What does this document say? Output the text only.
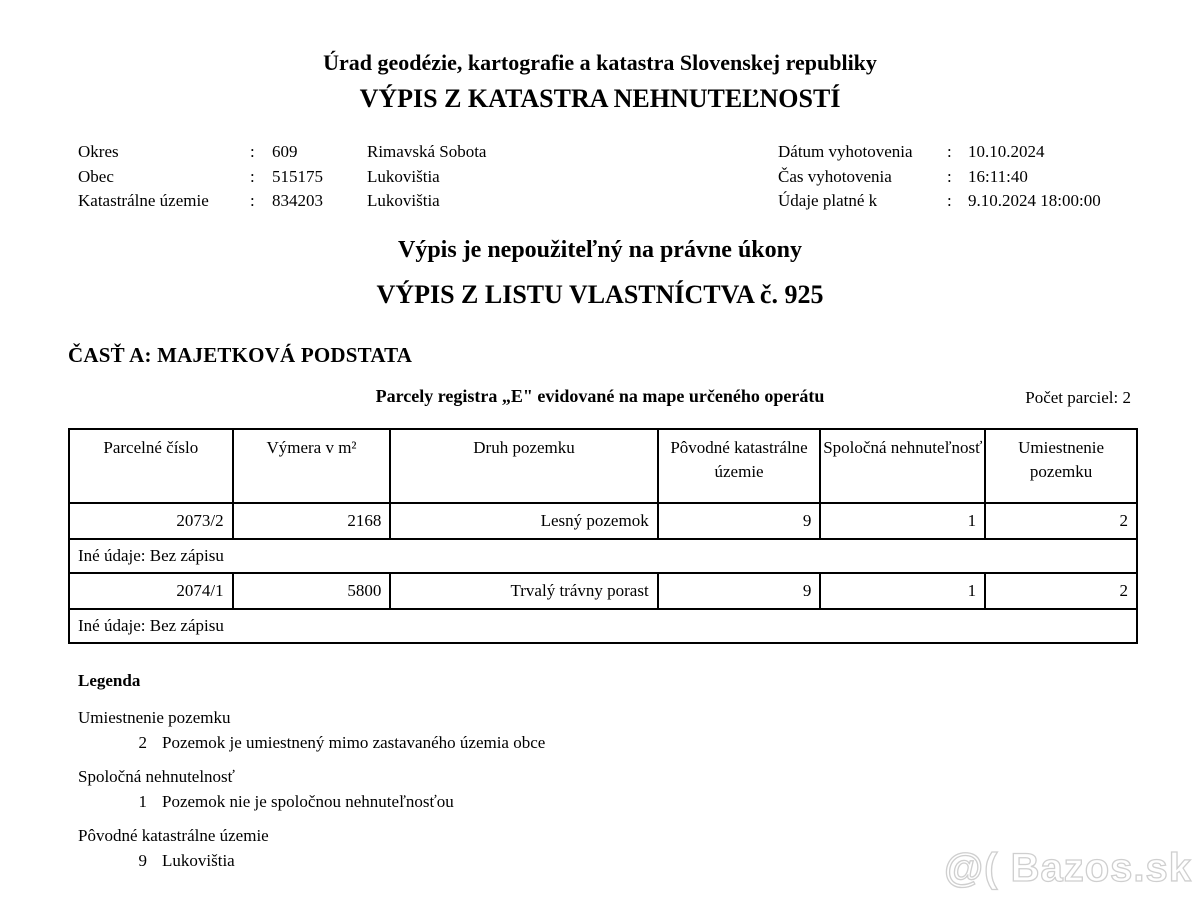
Úrad geodézie, kartografie a katastra Slovenskej republiky
VÝPIS Z KATASTRA NEHNUTEĽNOSTÍ
Okres	:	609	Rimavská Sobota
Obec	:	515175	Lukovištia
Katastrálne územie	:	834203	Lukovištia
Dátum vyhotovenia	: 10.10.2024
Čas vyhotovenia	: 16:11:40
Údaje platné k	: 9.10.2024 18:00:00
Výpis je nepoužiteľný na právne úkony
VÝPIS Z LISTU VLASTNÍCTVA č. 925
ČASŤ A: MAJETKOVÁ PODSTATA
Parcely registra „E" evidované na mape určeného operátu	Počet parciel: 2
Parcelné číslo	Výmera v m²	Druh pozemku	Pôvodné katastrálne územie	Spoločná nehnuteľnosť	Umiestnenie pozemku
2073/2	2168	Lesný pozemok	9	1	2
Iné údaje: Bez zápisu					
2074/1	5800	Trvalý trávny porast	9	1	2
Iné údaje: Bez zápisu					
Legenda
Umiestnenie pozemku
2 Pozemok je umiestnený mimo zastavaného územia obce
Spoločná nehnutelnosť
1 Pozemok nie je spoločnou nehnuteľnosťou
Pôvodné katastrálne územie
9 Lukovištia	@( Bazos.sk
